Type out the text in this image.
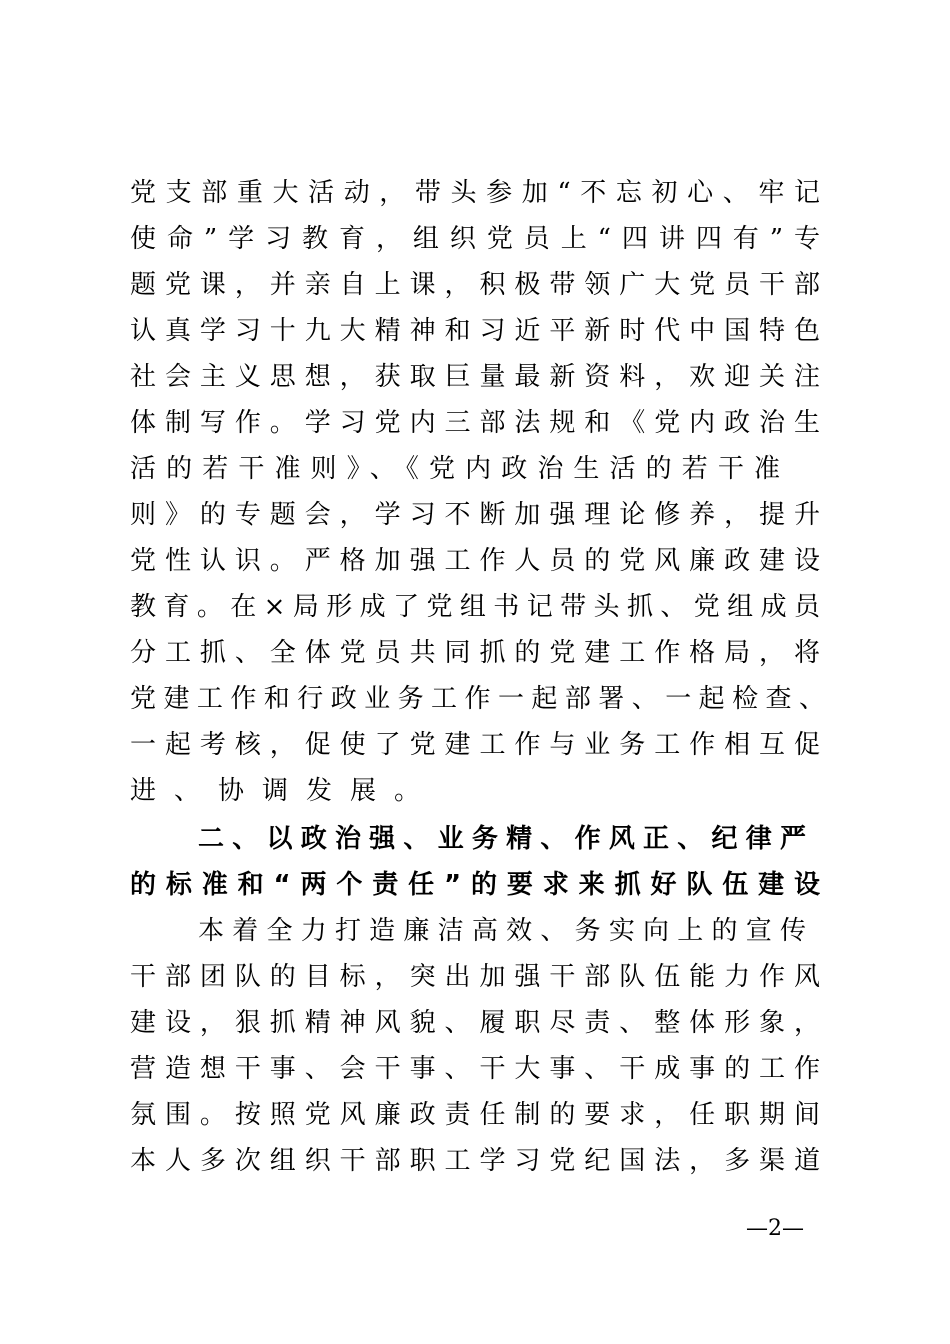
党支部重大活动，带头参加“不忘初心、牢记
使命”学习教育，组织党员上“四讲四有”专
题党课，并亲自上课，积极带领广大党员干部
认真学习十九大精神和习近平新时代中国特色
社会主义思想，获取巨量最新资料，欢迎关注
体制写作。学习党内三部法规和《党内政治生
活的若干准则》、《党内政治生活的若干准
则》的专题会，学习不断加强理论修养，提升
党性认识。严格加强工作人员的党风廉政建设
教育。在×局形成了党组书记带头抓、党组成员
分工抓、全体党员共同抓的党建工作格局，将
党建工作和行政业务工作一起部署、一起检查、
一起考核，促使了党建工作与业务工作相互促
进、协调发展。
二、以政治强、业务精、作风正、纪律严
的标准和“两个责任”的要求来抓好队伍建设
本着全力打造廉洁高效、务实向上的宣传
干部团队的目标，突出加强干部队伍能力作风
建设，狠抓精神风貌、履职尽责、整体形象，
营造想干事、会干事、干大事、干成事的工作
氛围。按照党风廉政责任制的要求，任职期间
本人多次组织干部职工学习党纪国法，多渠道
—2—
